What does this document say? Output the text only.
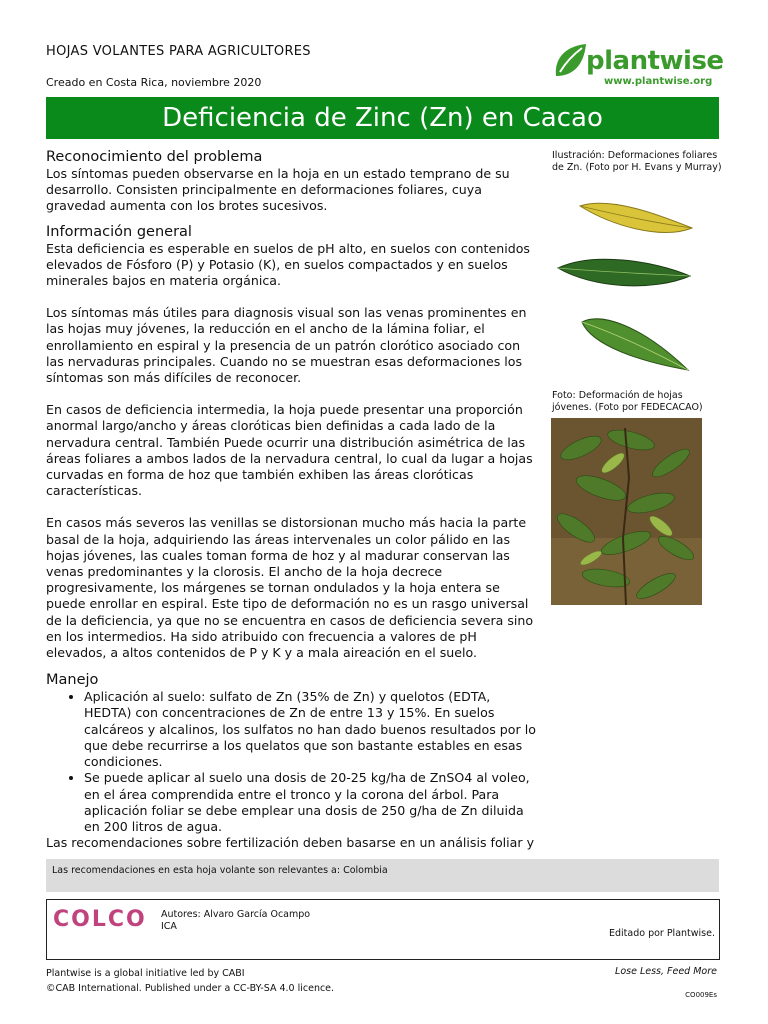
HOJAS VOLANTES PARA AGRICULTORES
Creado en Costa Rica, noviembre 2020
plantwise
www.plantwise.org
Deficiencia de Zinc (Zn) en Cacao
Reconocimiento del problema

Los síntomas pueden observarse en la hoja en un estado temprano de su desarrollo. Consisten principalmente en deformaciones foliares, cuya gravedad aumenta con los brotes sucesivos.

Información general

Esta deficiencia es esperable en suelos de pH alto, en suelos con contenidos elevados de Fósforo (P) y Potasio (K), en suelos compactados y en suelos minerales bajos en materia orgánica.

Los síntomas más útiles para diagnosis visual son las venas prominentes en las hojas muy jóvenes, la reducción en el ancho de la lámina foliar, el enrollamiento en espiral y la presencia de un patrón clorótico asociado con las nervaduras principales. Cuando no se muestran esas deformaciones los síntomas son más difíciles de reconocer.

En casos de deficiencia intermedia, la hoja puede presentar una proporción anormal largo/ancho y áreas cloróticas bien definidas a cada lado de la nervadura central. También Puede ocurrir una distribución asimétrica de las áreas foliares a ambos lados de la nervadura central, lo cual da lugar a hojas curvadas en forma de hoz que también exhiben las áreas cloróticas características.

En casos más severos las venillas se distorsionan mucho más hacia la parte basal de la hoja, adquiriendo las áreas intervenales un color pálido en las hojas jóvenes, las cuales toman forma de hoz y al madurar conservan las venas predominantes y la clorosis. El ancho de la hoja decrece progresivamente, los márgenes se tornan ondulados y la hoja entera se puede enrollar en espiral. Este tipo de deformación no es un rasgo universal de la deficiencia, ya que no se encuentra en casos de deficiencia severa sino en los intermedios. Ha sido atribuido con frecuencia a valores de pH elevados, a altos contenidos de P y K y a mala aireación en el suelo.

Manejo
• Aplicación al suelo: sulfato de Zn (35% de Zn) y quelotos (EDTA, HEDTA) con concentraciones de Zn de entre 13 y 15%. En suelos calcáreos y alcalinos, los sulfatos no han dado buenos resultados por lo que debe recurrirse a los quelatos que son bastante estables en esas condiciones.
• Se puede aplicar al suelo una dosis de 20-25 kg/ha de ZnSO4 al voleo, en el área comprendida entre el tronco y la corona del árbol. Para aplicación foliar se debe emplear una dosis de 250 g/ha de Zn diluida en 200 litros de agua.

Las recomendaciones sobre fertilización deben basarse en un análisis foliar y

Ilustración: Deformaciones foliares de Zn. (Foto por H. Evans y Murray)
Foto: Deformación de hojas jóvenes. (Foto por FEDECACAO)
Las recomendaciones en esta hoja volante son relevantes a: Colombia
COLCO Autores: Alvaro García Ocampo
ICA
Editado por Plantwise.
Plantwise is a global initiative led by CABI
©CAB International. Published under a CC-BY-SA 4.0 licence.
Lose Less, Feed More
CO009Es
